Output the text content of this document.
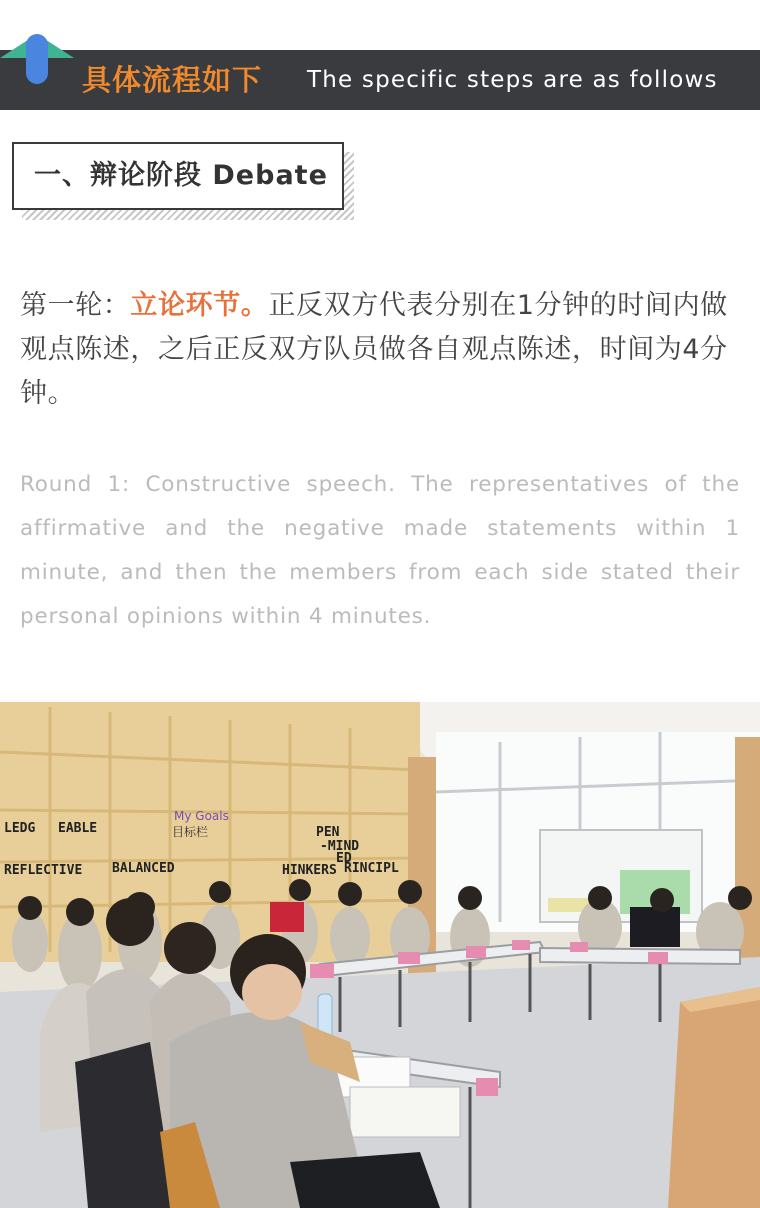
具体流程如下 The specific steps are as follows
一、辩论阶段 Debate
第一轮：立论环节。正反双方代表分别在1分钟的时间内做观点陈述，之后正反双方队员做各自观点陈述，时间为4分钟。
Round 1: Constructive speech. The representatives of the affirmative and the negative made statements within 1 minute, and then the members from each side stated their personal opinions within 4 minutes.
LEDG EABLE
REFLECTIVE BALANCED
PEN
-MIND
ED
HINKERS RINCIPL
My Goals
目标栏
